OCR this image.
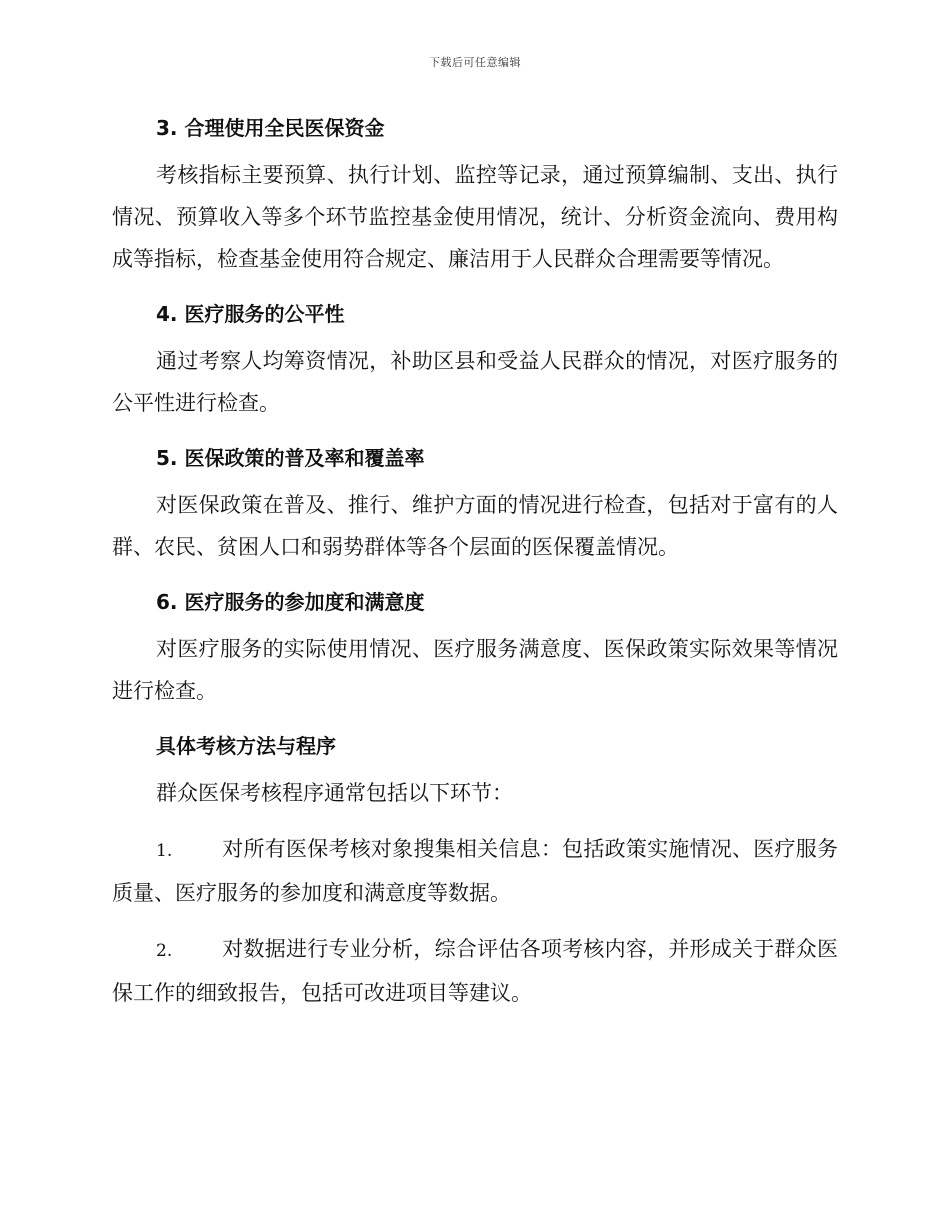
下载后可任意编辑

3. 合理使用全民医保资金

考核指标主要预算、执行计划、监控等记录，通过预算编制、支出、执行情况、预算收入等多个环节监控基金使用情况，统计、分析资金流向、费用构成等指标，检查基金使用符合规定、廉洁用于人民群众合理需要等情况。

4. 医疗服务的公平性

通过考察人均筹资情况，补助区县和受益人民群众的情况，对医疗服务的公平性进行检查。

5. 医保政策的普及率和覆盖率

对医保政策在普及、推行、维护方面的情况进行检查，包括对于富有的人群、农民、贫困人口和弱势群体等各个层面的医保覆盖情况。

6. 医疗服务的参加度和满意度

对医疗服务的实际使用情况、医疗服务满意度、医保政策实际效果等情况进行检查。

具体考核方法与程序

群众医保考核程序通常包括以下环节：

1. 对所有医保考核对象搜集相关信息：包括政策实施情况、医疗服务质量、医疗服务的参加度和满意度等数据。

2. 对数据进行专业分析，综合评估各项考核内容，并形成关于群众医保工作的细致报告，包括可改进项目等建议。
